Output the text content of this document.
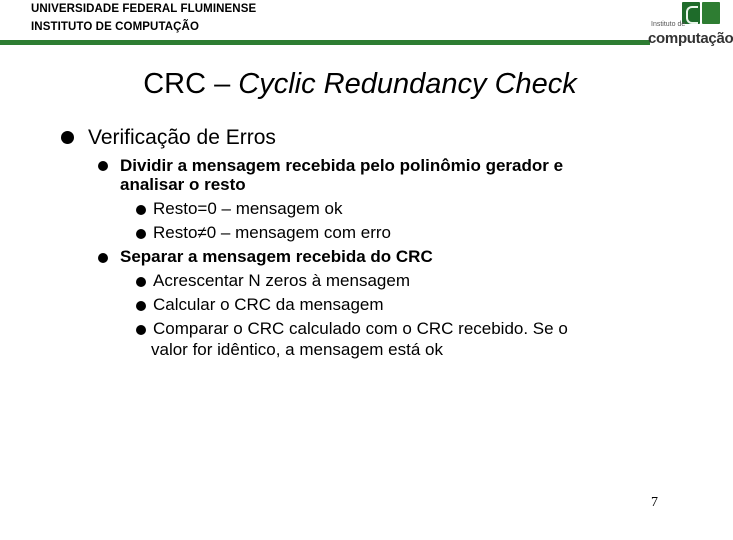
UNIVERSIDADE FEDERAL FLUMINENSE
INSTITUTO DE COMPUTAÇÃO	Instituto de
computação
CRC – Cyclic Redundancy Check
Verificação de Erros
Dividir a mensagem recebida pelo polinômio gerador e
analisar o resto
Resto=0 – mensagem ok
Resto≠0 – mensagem com erro
Separar a mensagem recebida do CRC
Acrescentar N zeros à mensagem
Calcular o CRC da mensagem
Comparar o CRC calculado com o CRC recebido. Se o
valor for idêntico, a mensagem está ok
7
